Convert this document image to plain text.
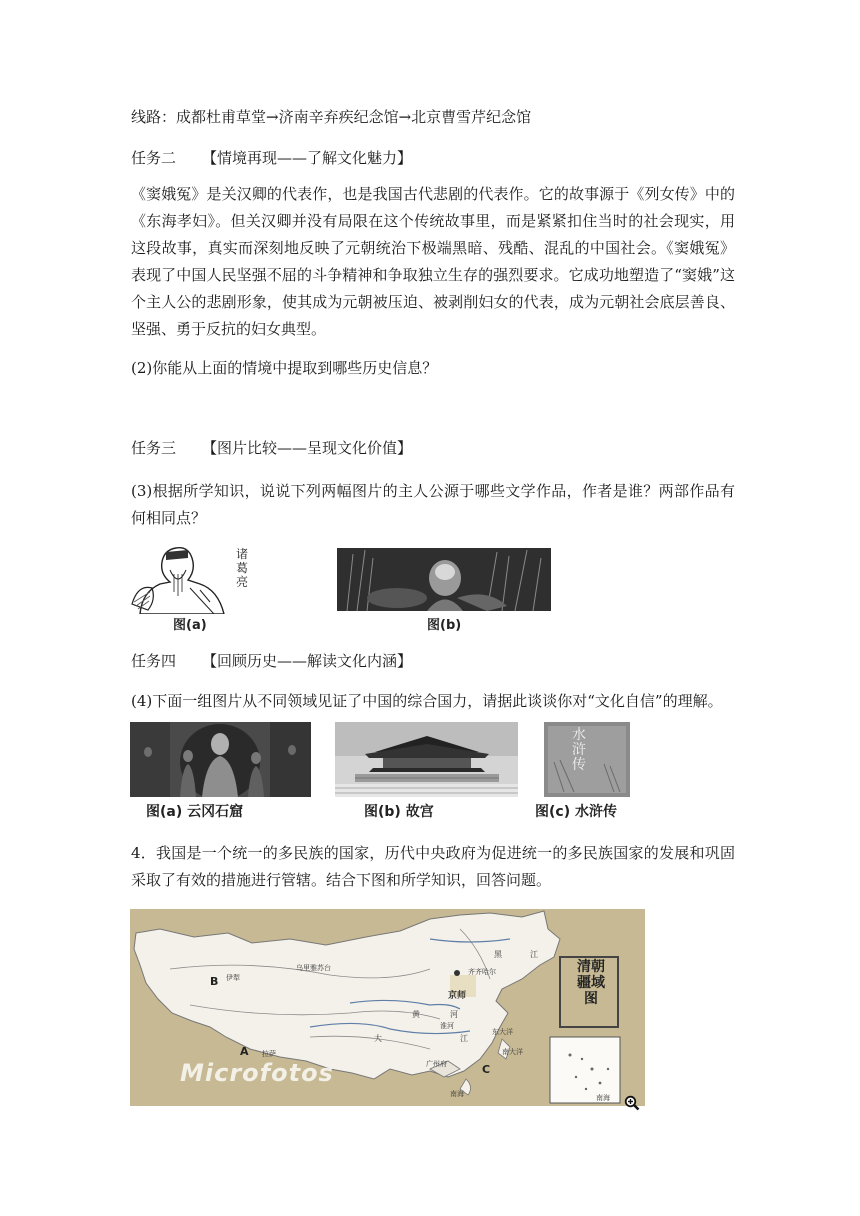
线路：成都杜甫草堂→济南辛弃疾纪念馆→北京曹雪芹纪念馆
任务二 【情境再现——了解文化魅力】
《窦娥冤》是关汉卿的代表作，也是我国古代悲剧的代表作。它的故事源于《列女传》中的《东海孝妇》。但关汉卿并没有局限在这个传统故事里，而是紧紧扣住当时的社会现实，用这段故事，真实而深刻地反映了元朝统治下极端黑暗、残酷、混乱的中国社会。《窦娥冤》表现了中国人民坚强不屈的斗争精神和争取独立生存的强烈要求。它成功地塑造了“窦娥”这个主人公的悲剧形象，使其成为元朝被压迫、被剥削妇女的代表，成为元朝社会底层善良、坚强、勇于反抗的妇女典型。
(2)你能从上面的情境中提取到哪些历史信息？
任务三 【图片比较——呈现文化价值】
(3)根据所学知识，说说下列两幅图片的主人公源于哪些文学作品，作者是谁？两部作品有何相同点？
诸葛亮
图(a)	图(b)
任务四 【回顾历史——解读文化内涵】
(4)下面一组图片从不同领域见证了中国的综合国力，请据此谈谈你对“文化自信”的理解。
图(a) 云冈石窟	图(b) 故宫
水浒传
图(c) 水浒传
4．我国是一个统一的多民族的国家，历代中央政府为促进统一的多民族国家的发展和巩固采取了有效的措施进行管辖。结合下图和所学知识，回答问题。
清朝疆域图
Microfotos
A
B
C
伊犁
乌里雅苏台	齐齐哈尔
京师
拉萨
广州府
东大洋
南大洋
南海	南海
黑	江
黄	河
大	江
淮河
